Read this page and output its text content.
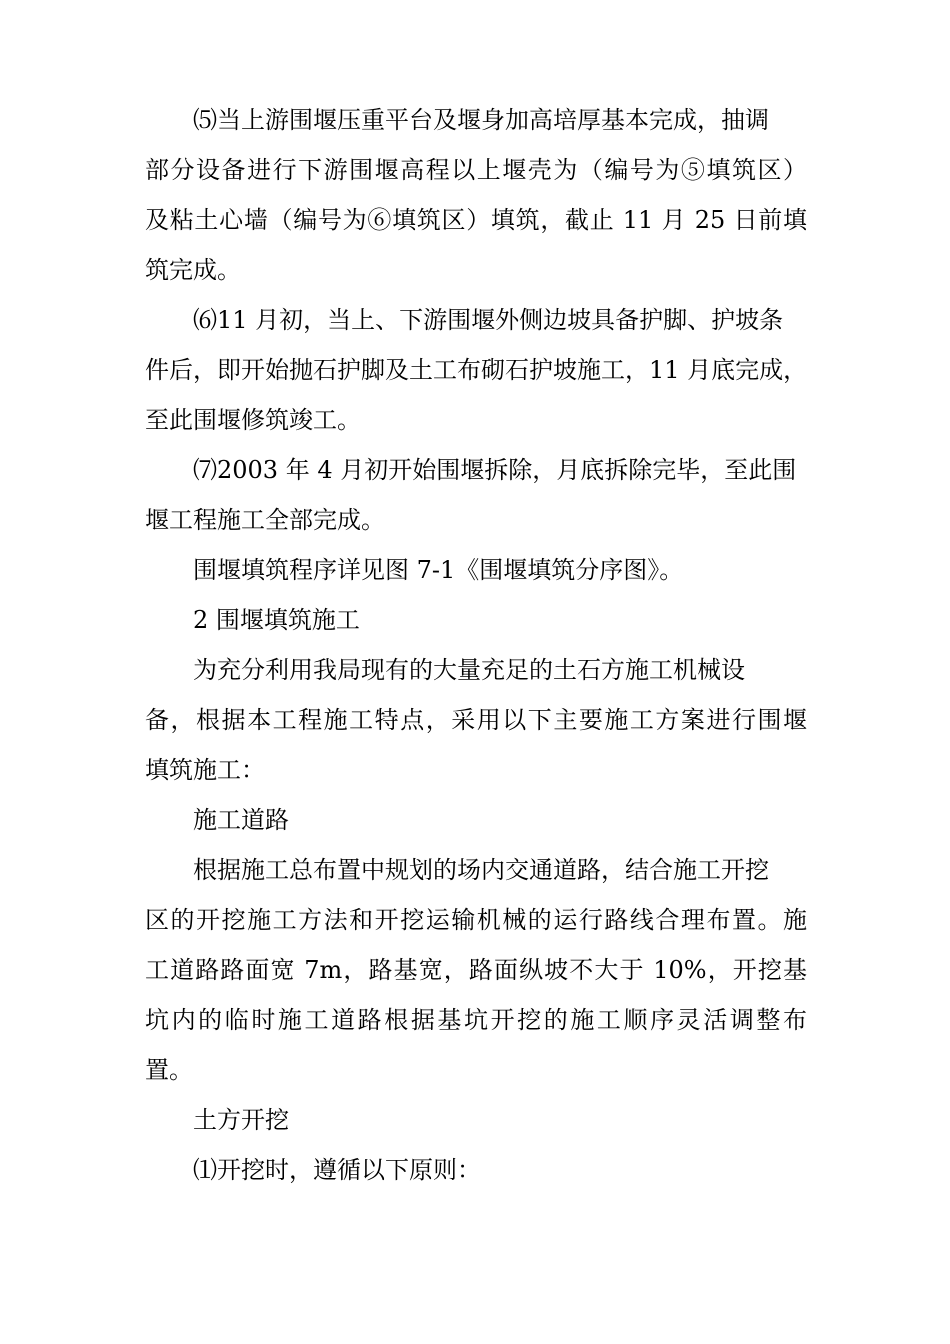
⑸当上游围堰压重平台及堰身加高培厚基本完成，抽调

部分设备进行下游围堰高程以上堰壳为（编号为⑤填筑区）

及粘土心墙（编号为⑥填筑区）填筑，截止 11 月 25 日前填

筑完成。

⑹11 月初，当上、下游围堰外侧边坡具备护脚、护坡条

件后，即开始抛石护脚及土工布砌石护坡施工，11 月底完成，

至此围堰修筑竣工。

⑺2003 年 4 月初开始围堰拆除，月底拆除完毕，至此围

堰工程施工全部完成。

围堰填筑程序详见图 7-1《围堰填筑分序图》。

2 围堰填筑施工

为充分利用我局现有的大量充足的土石方施工机械设

备，根据本工程施工特点，采用以下主要施工方案进行围堰

填筑施工：

施工道路

根据施工总布置中规划的场内交通道路，结合施工开挖

区的开挖施工方法和开挖运输机械的运行路线合理布置。施

工道路路面宽 7m，路基宽，路面纵坡不大于 10%，开挖基

坑内的临时施工道路根据基坑开挖的施工顺序灵活调整布

置。

土方开挖

⑴开挖时，遵循以下原则：
